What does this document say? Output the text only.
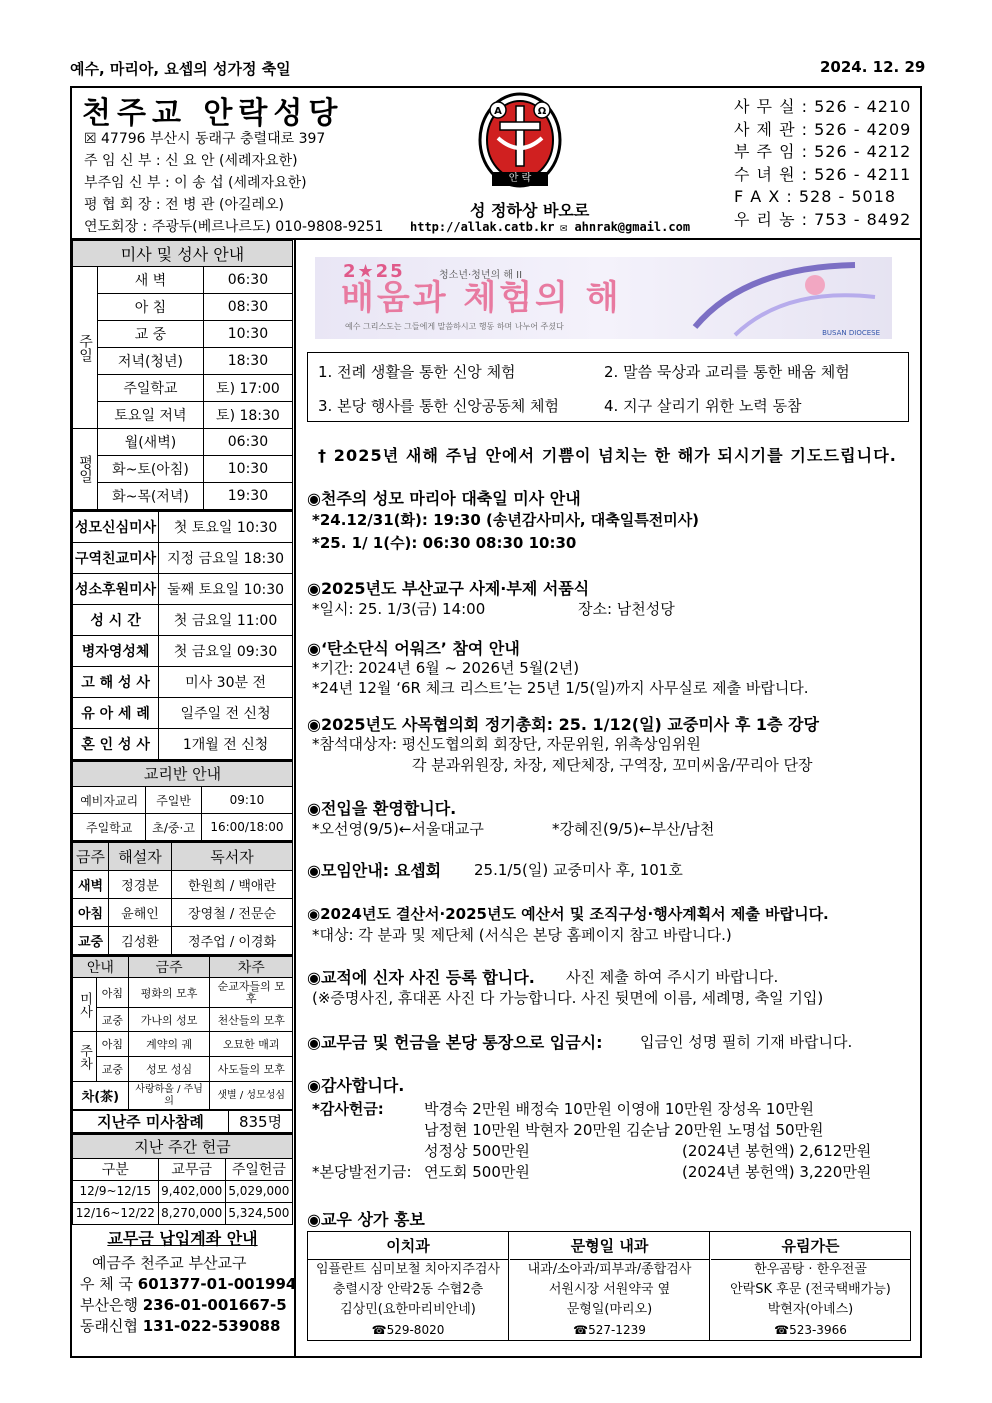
예수, 마리아, 요셉의 성가정 축일	2024. 12. 29
천주교 안락성당
☒ 47796 부산시 동래구 충렬대로 397
주 임 신 부 : 신 요 안 (세례자요한)
부주임 신 부 : 이 송 섭 (세례자요한)
평 협 회 장 : 전 병 관 (아길레오)
연도회장 : 주광두(베르나르도) 010-9808-9251
A	Ω
안 락
성 정하상 바오로
http://allak.catb.kr ✉ ahnrak@gmail.com
사 무 실 : 526 - 4210
사 제 관 : 526 - 4209
부 주 임 : 526 - 4212
수 녀 원 : 526 - 4211
F A X : 528 - 5018
우 리 농 : 753 - 8492
미사 및 성사 안내		
주일	새 벽	06:30
	아 침	08:30
	교 중	10:30
	저녁(청년)	18:30
	주일학교	토) 17:00
	토요일 저녁	토) 18:30
평일	월(새벽)	06:30
	화~토(아침)	10:30
	화~목(저녁)	19:30
성모신심미사	첫 토요일 10:30
구역친교미사	지정 금요일 18:30
성소후원미사	둘째 토요일 10:30
성 시 간	첫 금요일 11:00
병자영성체	첫 금요일 09:30
고 해 성 사	미사 30분 전
유 아 세 례	일주일 전 신청
혼 인 성 사	1개월 전 신청
교리반 안내		
예비자교리	주일반	09:10
주일학교	초/중·고	16:00/18:00
금주	해설자	독서자
새벽	정경분	한원희 / 백애란
아침	윤해인	장영철 / 전문순
교중	김성환	정주업 / 이경화
안내		금주	차주
미사	아침	평화의 모후	순교자들의 모후
	교중	가나의 성모	천산들의 모후
주차	아침	계약의 궤	오묘한 매괴
	교중	성모 성심	사도들의 모후
차(茶)		사랑하올 / 주님의	샛별 / 성모성심
지난주 미사참례	835명
지난 주간 헌금		
구분	교무금	주일헌금
12/9~12/15	9,402,000	5,029,000
12/16~12/22	8,270,000	5,324,500
교무금 납입계좌 안내
예금주 천주교 부산교구
우 체 국 601377-01-001994
부산은행 236-01-001667-5
동래신협 131-022-539088
2★25	청소년·청년의 해 II
배움과 체험의 해
예수 그리스도는 그들에게 말씀하시고 행동 하며 나누어 주셨다
BUSAN DIOCESE
1. 전례 생활을 통한 신앙 체험	2. 말씀 묵상과 교리를 통한 배움 체험
3. 본당 행사를 통한 신앙공동체 체험	4. 지구 살리기 위한 노력 동참
† 2025년 새해 주님 안에서 기쁨이 넘치는 한 해가 되시기를 기도드립니다.
◉천주의 성모 마리아 대축일 미사 안내
*24.12/31(화): 19:30 (송년감사미사, 대축일특전미사)
*25. 1/ 1(수): 06:30 08:30 10:30
◉2025년도 부산교구 사제·부제 서품식
*일시: 25. 1/3(금) 14:00	장소: 남천성당
◉‘탄소단식 어워즈’ 참여 안내
*기간: 2024년 6월 ~ 2026년 5월(2년)
*24년 12월 ‘6R 체크 리스트’는 25년 1/5(일)까지 사무실로 제출 바랍니다.
◉2025년도 사목협의회 정기총회: 25. 1/12(일) 교중미사 후 1층 강당
*참석대상자: 평신도협의회 회장단, 자문위원, 위촉상임위원
각 분과위원장, 차장, 제단체장, 구역장, 꼬미씨움/꾸리아 단장
◉전입을 환영합니다.
*오선영(9/5)←서울대교구	*강혜진(9/5)←부산/남천
◉모임안내: 요셉회 25.1/5(일) 교중미사 후, 101호
◉2024년도 결산서·2025년도 예산서 및 조직구성·행사계획서 제출 바랍니다.
*대상: 각 분과 및 제단체 (서식은 본당 홈페이지 참고 바랍니다.)
◉교적에 신자 사진 등록 합니다. 사진 제출 하여 주시기 바랍니다.
(※증명사진, 휴대폰 사진 다 가능합니다. 사진 뒷면에 이름, 세례명, 축일 기입)
◉교무금 및 헌금을 본당 통장으로 입금시: 입금인 성명 필히 기재 바랍니다.
◉감사합니다.
*감사헌금:	박경숙 2만원 배정숙 10만원 이영애 10만원 장성옥 10만원
남정현 10만원 박현자 20만원 김순남 20만원 노명섭 50만원
성정상 500만원	(2024년 봉헌액) 2,612만원
*본당발전기금: 연도회 500만원	(2024년 봉헌액) 3,220만원
◉교우 상가 홍보
이치과
임플란트 심미보철 치아지주검사
충렬시장 안락2동 수협2층
김상민(요한마리비안네)
☎529-8020
문형일 내과
내과/소아과/피부과/종합검사
서원시장 서원약국 옆
문형일(마리오)
☎527-1239
유림가든
한우곰탕 · 한우전골
안락SK 후문 (전국택배가능)
박현자(아녜스)
☎523-3966
